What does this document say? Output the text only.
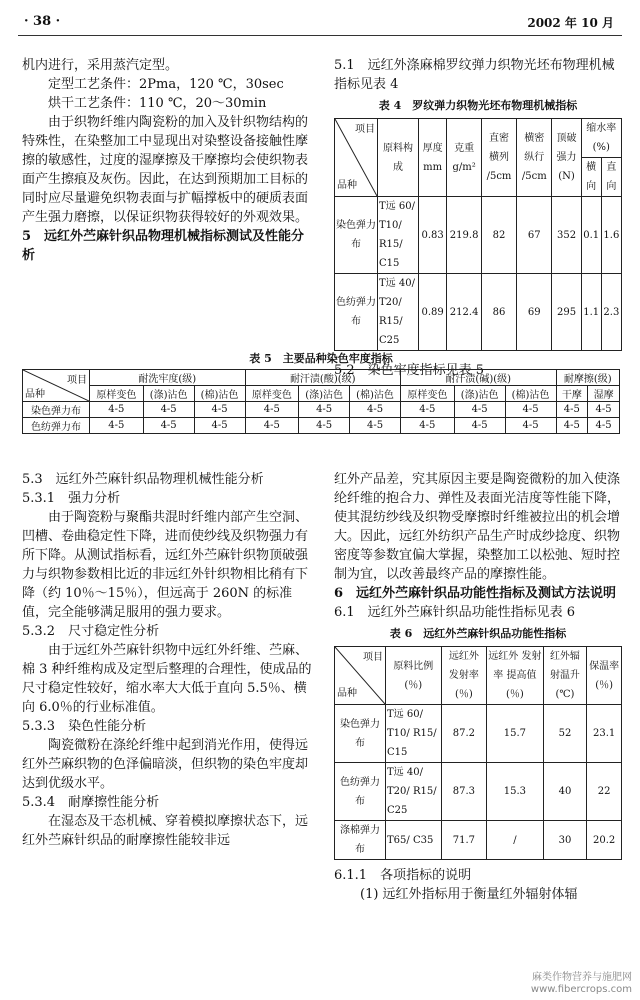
· 38 ·	2002 年 10 月

机内进行，采用蒸汽定型。

定型工艺条件：2Pma，120 ℃，30sec

烘干工艺条件：110 ℃，20～30min

由于织物纤维内陶瓷粉的加入及针织物结构的特殊性，在染整加工中显现出对染整设备接触性摩擦的敏感性，过度的湿摩擦及干摩擦均会使织物表面产生擦痕及灰伤。因此，在达到预期加工目标的同时应尽量避免织物表面与扩幅撑板中的硬质表面产生强力磨擦，以保证织物获得较好的外观效果。

5　远红外苎麻针织品物理机械指标测试及性能分析

5.1　远红外涤麻棉罗纹弹力织物光坯布物理机械指标见表 4

表 4　罗纹弹力织物光坯布物理机械指标
项目
品种	原料构成	厚度 mm	克重 g/m²	直密 横列 /5cm	横密 纵行 /5cm	顶破 强力 (N)	缩水率 (%)	
							横向	直向
染色弹力布	T远 60/ T10/ R15/ C15	0.83	219.8	82	67	352	0.1	1.6
色纺弹力布	T远 40/ T20/ R15/ C25	0.89	212.4	86	69	295	1.1	2.3

5.2　染色牢度指标见表 5

表 5　主要品种染色牢度指标
项目
品种	耐洗牢度(级)			耐汗渍(酸)(级)			耐汗渍(碱)(级)			耐摩擦(级)	
	原样变色	(涤)沾色	(棉)沾色	原样变色	(涤)沾色	(棉)沾色	原样变色	(涤)沾色	(棉)沾色	干摩	湿摩
染色弹力布	4-5	4-5	4-5	4-5	4-5	4-5	4-5	4-5	4-5	4-5	4-5
色纺弹力布	4-5	4-5	4-5	4-5	4-5	4-5	4-5	4-5	4-5	4-5	4-5

5.3　远红外苎麻针织品物理机械性能分析

5.3.1　强力分析

由于陶瓷粉与聚酯共混时纤维内部产生空洞、凹槽、卷曲稳定性下降，进而使纱线及织物强力有所下降。从测试指标看，远红外苎麻针织物顶破强力与织物参数相比近的非远红外针织物相比稍有下降（约 10％～15％），但远高于 260N 的标准值，完全能够满足服用的强力要求。

5.3.2　尺寸稳定性分析

由于远红外苎麻针织物中远红外纤维、苎麻、棉 3 种纤维构成及定型后整理的合理性，使成品的尺寸稳定性较好，缩水率大大低于直向 5.5％、横向 6.0％的行业标准值。

5.3.3　染色性能分析

陶瓷微粉在涤纶纤维中起到消光作用，使得远红外苎麻织物的色泽偏暗淡，但织物的染色牢度却达到优级水平。

5.3.4　耐摩擦性能分析

在湿态及干态机械、穿着模拟摩擦状态下，远红外苎麻针织品的耐摩擦性能较非远

红外产品差，究其原因主要是陶瓷微粉的加入使涤纶纤维的抱合力、弹性及表面光洁度等性能下降，使其混纺纱线及织物受摩擦时纤维被拉出的机会增大。因此，远红外纺织产品生产时成纱捻度、织物密度等参数宜偏大掌握，染整加工以松弛、短时控制为宜，以改善最终产品的摩擦性能。

6　远红外苎麻针织品功能性指标及测试方法说明

6.1　远红外苎麻针织品功能性指标见表 6

表 6　远红外苎麻针织品功能性指标
项目
品种	原料比例(％)	远红外 发射率 (％)	远红外 发射率 提高值 (％)	红外辐 射温升 (℃)	保温率 (％)
染色弹力布	T远 60/ T10/ R15/ C15	87.2	15.7	52	23.1
色纺弹力布	T远 40/ T20/ R15/ C25	87.3	15.3	40	22
涤棉弹力布	T65/ C35	71.7	/	30	20.2

6.1.1　各项指标的说明

(1) 远红外指标用于衡量红外辐射体辐

麻类作物营养与施肥网
www.fibercrops.com
